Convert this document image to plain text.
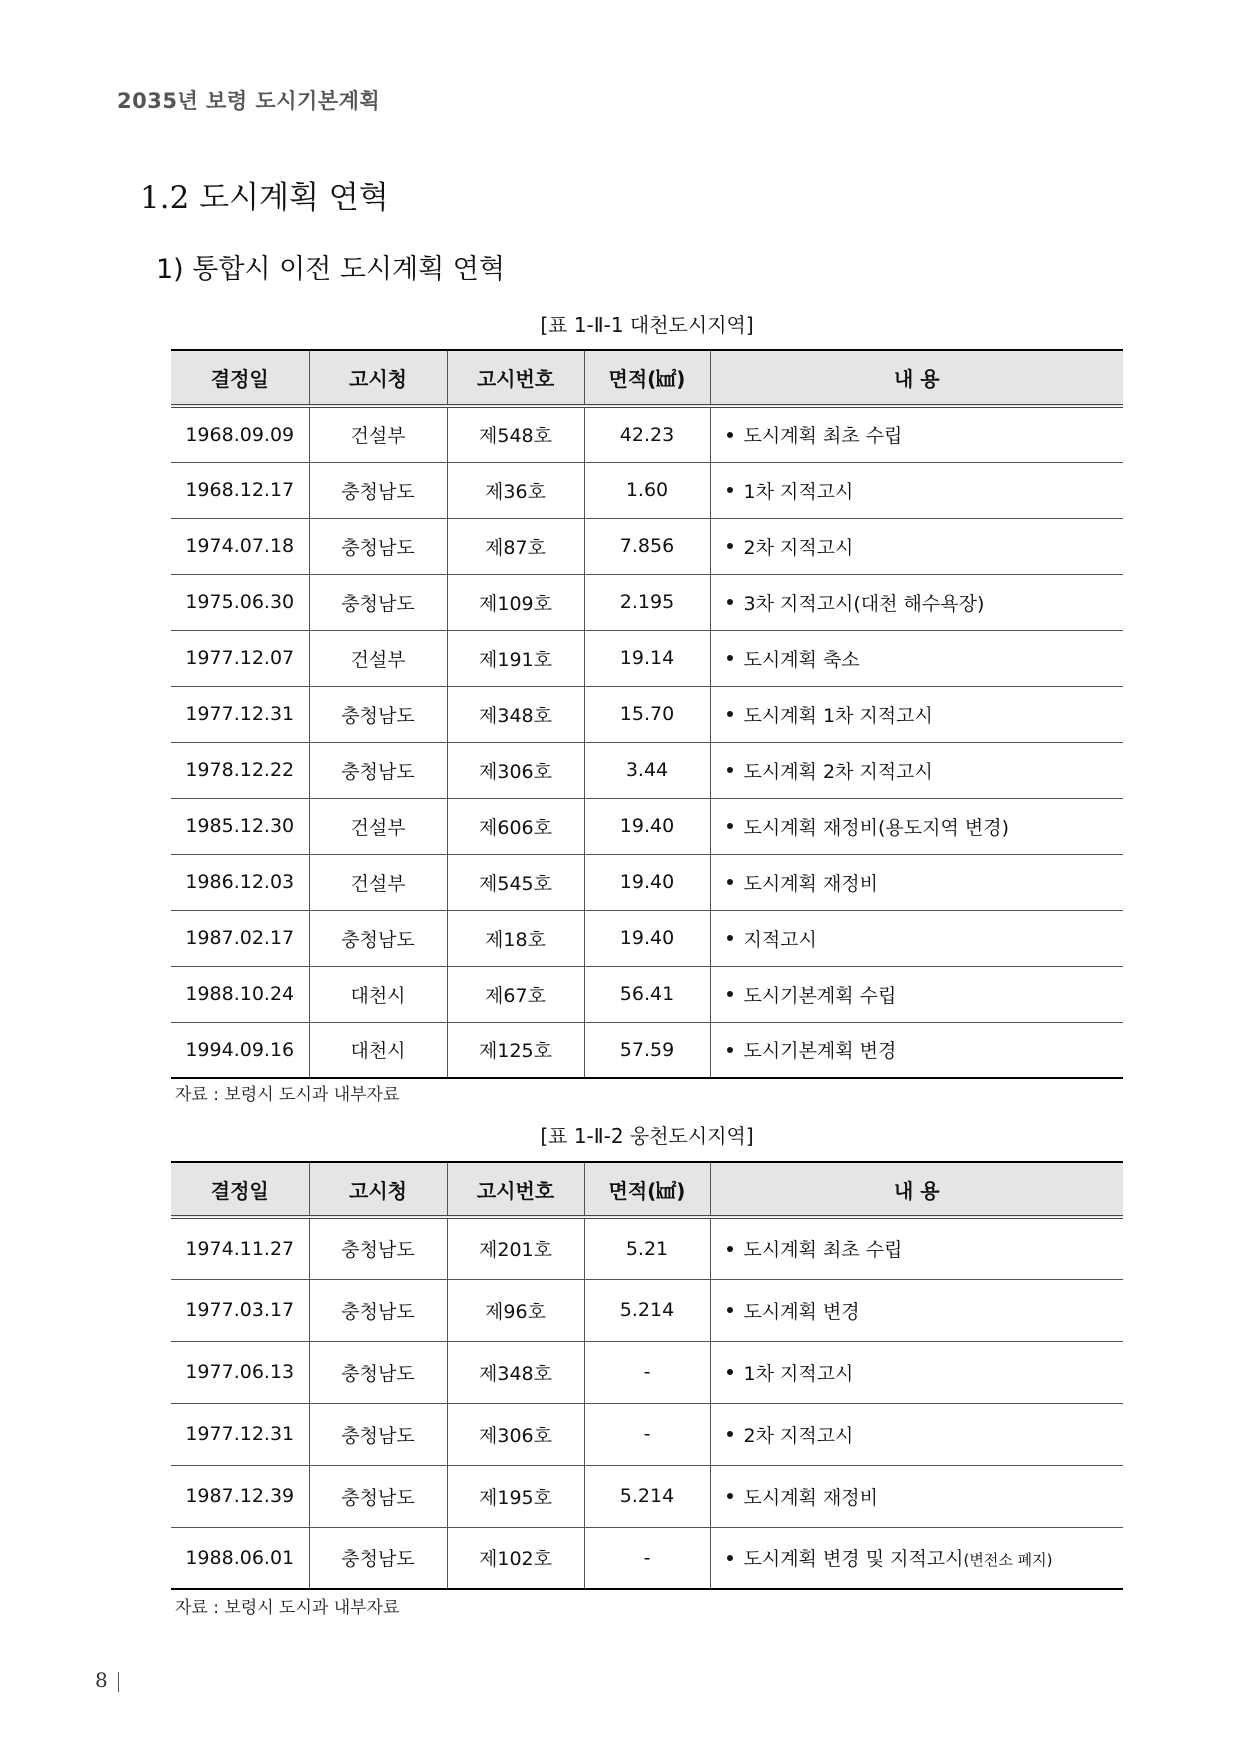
2035년 보령 도시기본계획
1.2 도시계획 연혁
1) 통합시 이전 도시계획 연혁
[표 1-Ⅱ-1 대천도시지역]
결정일	고시청	고시번호	면적(㎢)	내 용
1968.09.09	건설부	제548호	42.23	도시계획 최초 수립
1968.12.17	충청남도	제36호	1.60	1차 지적고시
1974.07.18	충청남도	제87호	7.856	2차 지적고시
1975.06.30	충청남도	제109호	2.195	3차 지적고시(대천 해수욕장)
1977.12.07	건설부	제191호	19.14	도시계획 축소
1977.12.31	충청남도	제348호	15.70	도시계획 1차 지적고시
1978.12.22	충청남도	제306호	3.44	도시계획 2차 지적고시
1985.12.30	건설부	제606호	19.40	도시계획 재정비(용도지역 변경)
1986.12.03	건설부	제545호	19.40	도시계획 재정비
1987.02.17	충청남도	제18호	19.40	지적고시
1988.10.24	대천시	제67호	56.41	도시기본계획 수립
1994.09.16	대천시	제125호	57.59	도시기본계획 변경
자료 : 보령시 도시과 내부자료
[표 1-Ⅱ-2 웅천도시지역]
결정일	고시청	고시번호	면적(㎢)	내 용
1974.11.27	충청남도	제201호	5.21	도시계획 최초 수립
1977.03.17	충청남도	제96호	5.214	도시계획 변경
1977.06.13	충청남도	제348호	-	1차 지적고시
1977.12.31	충청남도	제306호	-	2차 지적고시
1987.12.39	충청남도	제195호	5.214	도시계획 재정비
1988.06.01	충청남도	제102호	-	도시계획 변경 및 지적고시(변전소 폐지)
자료 : 보령시 도시과 내부자료
8
